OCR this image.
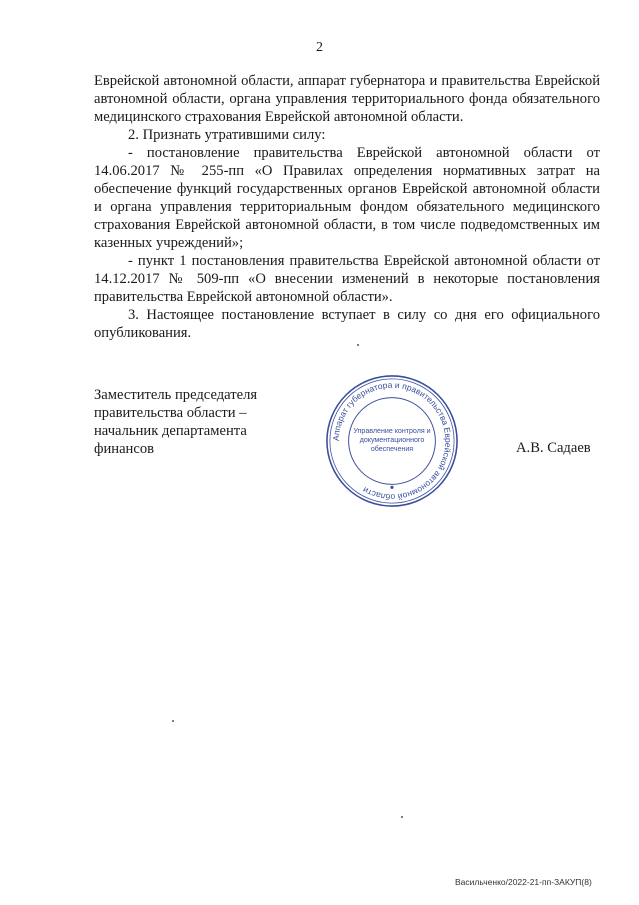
2

Еврейской автономной области, аппарат губернатора и правительства Еврейской автономной области, органа управления территориального фонда обязательного медицинского страхования Еврейской автономной области.

2. Признать утратившими силу:

- постановление правительства Еврейской автономной области от 14.06.2017 № 255-пп «О Правилах определения нормативных затрат на обеспечение функций государственных органов Еврейской автономной области и органа управления территориальным фондом обязательного медицинского страхования Еврейской автономной области, в том числе подведомственных им казенных учреждений»;

- пункт 1 постановления правительства Еврейской автономной области от 14.12.2017 № 509-пп «О внесении изменений в некоторые постановления правительства Еврейской автономной области».

3. Настоящее постановление вступает в силу со дня его официального опубликования.

Заместитель председателя
правительства области –
начальник департамента
финансов
Аппарат губернатора и правительства Еврейской автономной области
Управление контроля и
документационного
обеспечения	А.В. Садаев
Васильченко/2022-21-пп-ЗАКУП(8)
